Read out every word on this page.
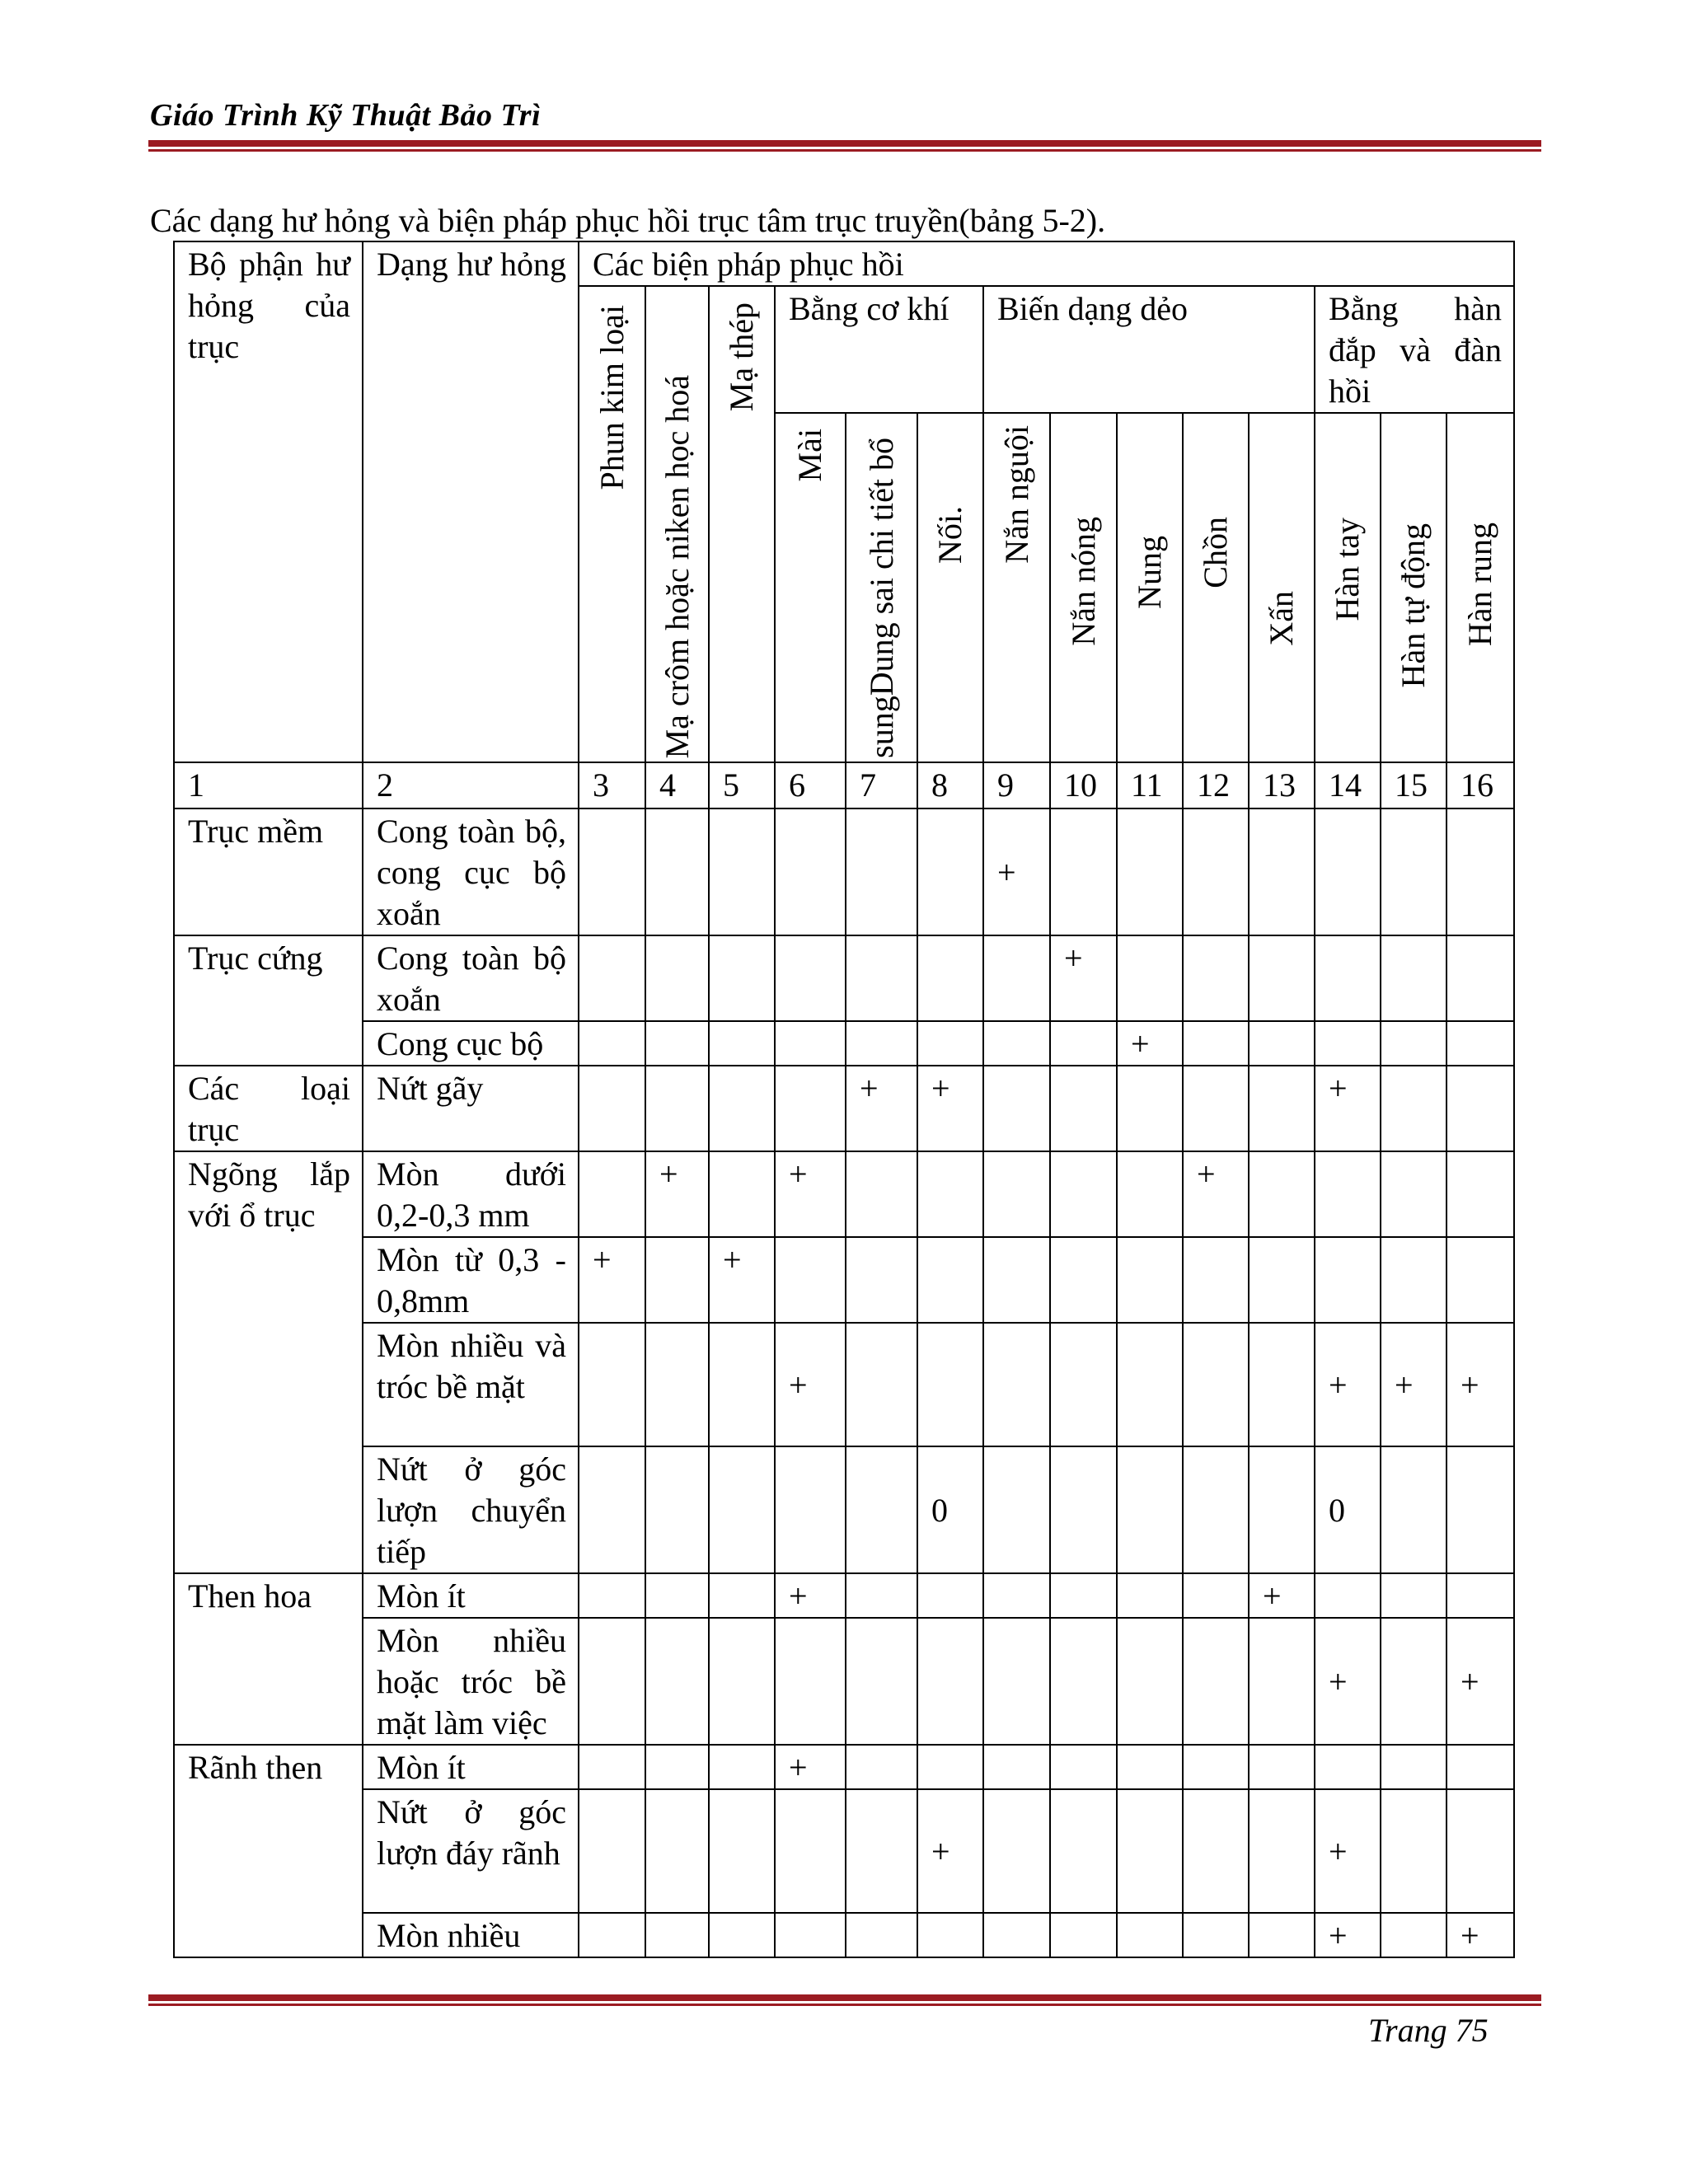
Giáo Trình Kỹ Thuật Bảo Trì
Các dạng hư hỏng và biện pháp phục hồi trục tâm trục truyền(bảng 5-2).
Bộ phận hư hỏng của trục	Dạng hư hỏng	Các biện pháp phục hồi													

		Phun kim loại	Mạ crôm hoặc niken học hoá	Mạ thép	Bằng cơ khí			Biến dạng dẻo					Bằng hàn đắp và đàn hồi		

					Mài	sungDung sai chi tiết bổ	Nối.	Nắn nguội	Nắn nóng	Nung	Chồn	Xấn	Hàn tay	Hàn tự động	Hàn rung

1	2	3	4	5	6	7	8	9	10	11	12	13	14	15	16
Trục mềm	Cong toàn bộ, cong cục bộ xoắn							+							
Trục cứng	Cong toàn bộ xoắn								+						
	Cong cục bộ									+					
Các loại trục	Nứt gãy					+	+						+		
Ngõng lắp với ổ trục	Mòn dưới 0,2-0,3 mm		+		+						+				
	Mòn từ 0,3 - 0,8mm	+		+											
	Mòn nhiều và tróc bề mặt				+								+	+	+
	Nứt ở góc lượn chuyển tiếp						0						0		
Then hoa	Mòn ít				+							+			
	Mòn nhiều hoặc tróc bề mặt làm việc												+		+
Rãnh then	Mòn ít				+										
	Nứt ở góc lượn đáy rãnh						+						+		
	Mòn nhiều												+		+
Trang 75
